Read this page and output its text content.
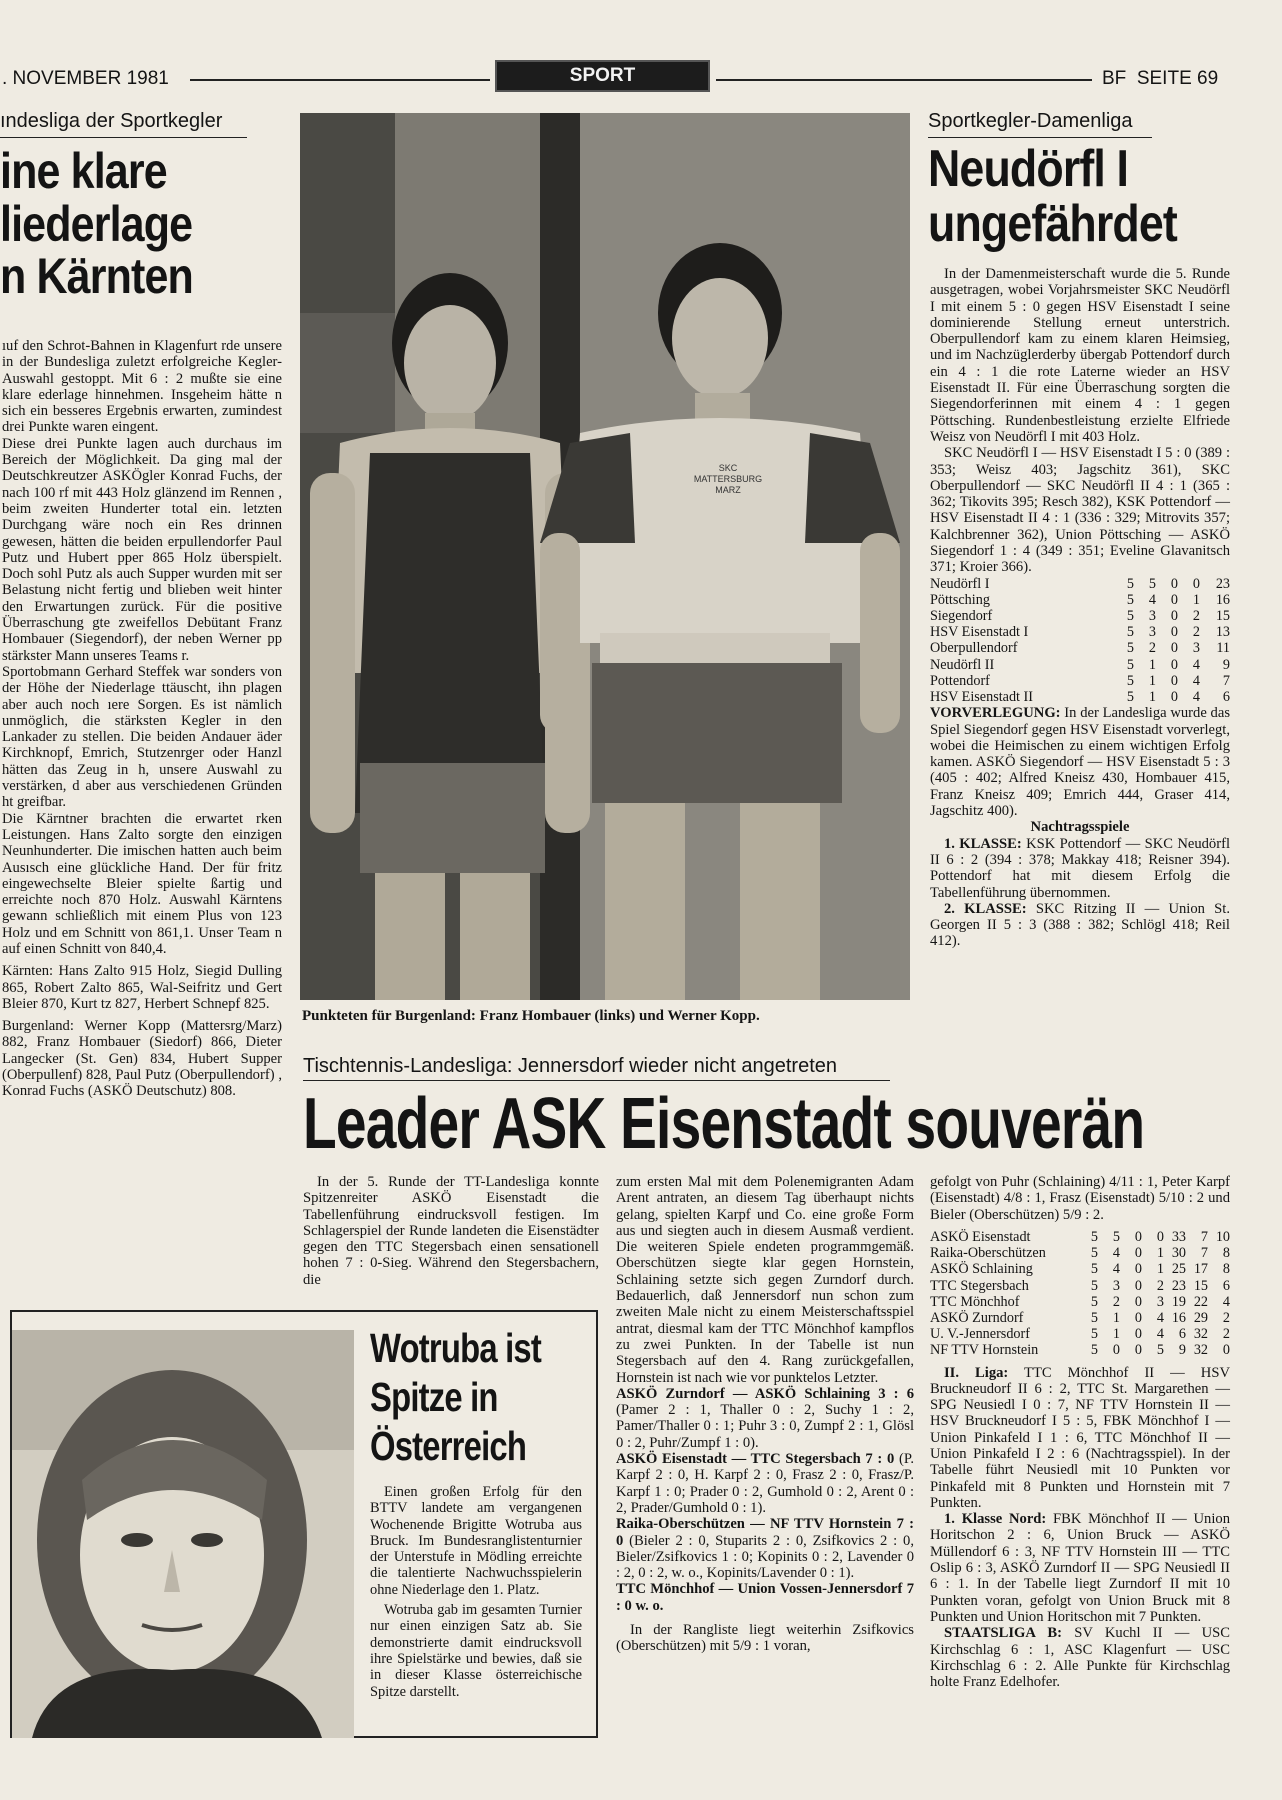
. NOVEMBER 1981	SPORT	BF  SEITE 69
ındesliga der Sportkegler
ine klare
liederlage
n Kärnten

ıuf den Schrot-Bahnen in Klagenfurt rde unsere in der Bundesliga zuletzt erfolgreiche Kegler-Auswahl gestoppt. Mit 6 : 2 mußte sie eine klare ederlage hinnehmen. Insgeheim hätte n sich ein besseres Ergebnis erwarten, zumindest drei Punkte waren eingent.

Diese drei Punkte lagen auch durchaus im Bereich der Möglichkeit. Da ging mal der Deutschkreutzer ASKÖgler Konrad Fuchs, der nach 100 rf mit 443 Holz glänzend im Rennen , beim zweiten Hunderter total ein. letzten Durchgang wäre noch ein Res drinnen gewesen, hätten die beiden erpullendorfer Paul Putz und Hubert pper 865 Holz überspielt. Doch sohl Putz als auch Supper wurden mit ser Belastung nicht fertig und blieben weit hinter den Erwartungen zurück. Für die positive Überraschung gte zweifellos Debütant Franz Hombauer (Siegendorf), der neben Werner pp stärkster Mann unseres Teams r.

Sportobmann Gerhard Steffek war sonders von der Höhe der Niederlage ttäuscht, ihn plagen aber auch noch ıere Sorgen. Es ist nämlich unmöglich, die stärksten Kegler in den Lankader zu stellen. Die beiden Andauer äder Kirchknopf, Emrich, Stutzenrger oder Hanzl hätten das Zeug in h, unsere Auswahl zu verstärken, d aber aus verschiedenen Gründen ht greifbar.

Die Kärntner brachten die erwartet rken Leistungen. Hans Zalto sorgte den einzigen Neunhunderter. Die imischen hatten auch beim Ausısch eine glückliche Hand. Der für fritz eingewechselte Bleier spielte ßartig und erreichte noch 870 Holz. Auswahl Kärntens gewann schließlich mit einem Plus von 123 Holz und em Schnitt von 861,1. Unser Team n auf einen Schnitt von 840,4.

Kärnten: Hans Zalto 915 Holz, Siegid Dulling 865, Robert Zalto 865, Wal-Seifritz und Gert Bleier 870, Kurt tz 827, Herbert Schnepf 825.

Burgenland: Werner Kopp (Mattersrg/Marz) 882, Franz Hombauer (Siedorf) 866, Dieter Langecker (St. Gen) 834, Hubert Supper (Oberpullenf) 828, Paul Putz (Oberpullendorf) , Konrad Fuchs (ASKÖ Deutschutz) 808.

SKC MATTERSBURG MARZ
Punkteten für Burgenland: Franz Hombauer (links) und Werner Kopp.
Sportkegler-Damenliga
Neudörfl I
ungefährdet

In der Damenmeisterschaft wurde die 5. Runde ausgetragen, wobei Vorjahrsmeister SKC Neudörfl I mit einem 5 : 0 gegen HSV Eisenstadt I seine dominierende Stellung erneut unterstrich. Oberpullendorf kam zu einem klaren Heimsieg, und im Nachzüglerderby übergab Pottendorf durch ein 4 : 1 die rote Laterne wieder an HSV Eisenstadt II. Für eine Überraschung sorgten die Siegendorferinnen mit einem 4 : 1 gegen Pöttsching. Rundenbestleistung erzielte Elfriede Weisz von Neudörfl I mit 403 Holz.

SKC Neudörfl I — HSV Eisenstadt I 5 : 0 (389 : 353; Weisz 403; Jagschitz 361), SKC Oberpullendorf — SKC Neudörfl II 4 : 1 (365 : 362; Tikovits 395; Resch 382), KSK Pottendorf — HSV Eisenstadt II 4 : 1 (336 : 329; Mitrovits 357; Kalchbrenner 362), Union Pöttsching — ASKÖ Siegendorf 1 : 4 (349 : 351; Eveline Glavanitsch 371; Kroier 366).

Neudörfl I	5	5	0	0	23
Pöttsching	5	4	0	1	16
Siegendorf	5	3	0	2	15
HSV Eisenstadt I	5	3	0	2	13
Oberpullendorf	5	2	0	3	11
Neudörfl II	5	1	0	4	9
Pottendorf	5	1	0	4	7
HSV Eisenstadt II	5	1	0	4	6

VORVERLEGUNG: In der Landesliga wurde das Spiel Siegendorf gegen HSV Eisenstadt vorverlegt, wobei die Heimischen zu einem wichtigen Erfolg kamen. ASKÖ Siegendorf — HSV Eisenstadt 5 : 3 (405 : 402; Alfred Kneisz 430, Hombauer 415, Franz Kneisz 409; Emrich 444, Graser 414, Jagschitz 400).

Nachtragsspiele

1. KLASSE: KSK Pottendorf — SKC Neudörfl II 6 : 2 (394 : 378; Makkay 418; Reisner 394). Pottendorf hat mit diesem Erfolg die Tabellenführung übernommen.

2. KLASSE: SKC Ritzing II — Union St. Georgen II 5 : 3 (388 : 382; Schlögl 418; Reil 412).

Tischtennis-Landesliga: Jennersdorf wieder nicht angetreten
Leader ASK Eisenstadt souverän

In der 5. Runde der TT-Landesliga konnte Spitzenreiter ASKÖ Eisenstadt die Tabellenführung eindrucksvoll festigen. Im Schlagerspiel der Runde landeten die Eisenstädter gegen den TTC Stegersbach einen sensationell hohen 7 : 0-Sieg. Während den Stegersbachern, die

zum ersten Mal mit dem Polenemigranten Adam Arent antraten, an diesem Tag überhaupt nichts gelang, spielten Karpf und Co. eine große Form aus und siegten auch in diesem Ausmaß verdient. Die weiteren Spiele endeten programmgemäß. Oberschützen siegte klar gegen Hornstein, Schlaining setzte sich gegen Zurndorf durch. Bedauerlich, daß Jennersdorf nun schon zum zweiten Male nicht zu einem Meisterschaftsspiel antrat, diesmal kam der TTC Mönchhof kampflos zu zwei Punkten. In der Tabelle ist nun Stegersbach auf den 4. Rang zurückgefallen, Hornstein ist nach wie vor punktelos Letzter.

ASKÖ Zurndorf — ASKÖ Schlaining 3 : 6 (Pamer 2 : 1, Thaller 0 : 2, Suchy 1 : 2, Pamer/Thaller 0 : 1; Puhr 3 : 0, Zumpf 2 : 1, Glösl 0 : 2, Puhr/Zumpf 1 : 0).

ASKÖ Eisenstadt — TTC Stegersbach 7 : 0 (P. Karpf 2 : 0, H. Karpf 2 : 0, Frasz 2 : 0, Frasz/P. Karpf 1 : 0; Prader 0 : 2, Gumhold 0 : 2, Arent 0 : 2, Prader/Gumhold 0 : 1).

Raika-Oberschützen — NF TTV Hornstein 7 : 0 (Bieler 2 : 0, Stuparits 2 : 0, Zsifkovics 2 : 0, Bieler/Zsifkovics 1 : 0; Kopinits 0 : 2, Lavender 0 : 2, 0 : 2, w. o., Kopinits/Lavender 0 : 1).

TTC Mönchhof — Union Vossen-Jennersdorf 7 : 0 w. o.

In der Rangliste liegt weiterhin Zsifkovics (Oberschützen) mit 5/9 : 1 voran,

gefolgt von Puhr (Schlaining) 4/11 : 1, Peter Karpf (Eisenstadt) 4/8 : 1, Frasz (Eisenstadt) 5/10 : 2 und Bieler (Oberschützen) 5/9 : 2.

ASKÖ Eisenstadt	5	5	0	0	33	7	10
Raika-Oberschützen	5	4	0	1	30	7	8
ASKÖ Schlaining	5	4	0	1	25	17	8
TTC Stegersbach	5	3	0	2	23	15	6
TTC Mönchhof	5	2	0	3	19	22	4
ASKÖ Zurndorf	5	1	0	4	16	29	2
U. V.-Jennersdorf	5	1	0	4	6	32	2
NF TTV Hornstein	5	0	0	5	9	32	0

II. Liga: TTC Mönchhof II — HSV Bruckneudorf II 6 : 2, TTC St. Margarethen — SPG Neusiedl I 0 : 7, NF TTV Hornstein II — HSV Bruckneudorf I 5 : 5, FBK Mönchhof I — Union Pinkafeld I 1 : 6, TTC Mönchhof II — Union Pinkafeld I 2 : 6 (Nachtragsspiel). In der Tabelle führt Neusiedl mit 10 Punkten vor Pinkafeld mit 8 Punkten und Hornstein mit 7 Punkten.

1. Klasse Nord: FBK Mönchhof II — Union Horitschon 2 : 6, Union Bruck — ASKÖ Müllendorf 6 : 3, NF TTV Hornstein III — TTC Oslip 6 : 3, ASKÖ Zurndorf II — SPG Neusiedl II 6 : 1. In der Tabelle liegt Zurndorf II mit 10 Punkten voran, gefolgt von Union Bruck mit 8 Punkten und Union Horitschon mit 7 Punkten.

STAATSLIGA B: SV Kuchl II — USC Kirchschlag 6 : 1, ASC Klagenfurt — USC Kirchschlag 6 : 2. Alle Punkte für Kirchschlag holte Franz Edelhofer.

Wotruba ist
Spitze in
Österreich

Einen großen Erfolg für den BTTV landete am vergangenen Wochenende Brigitte Wotruba aus Bruck. Im Bundesranglistenturnier der Unterstufe in Mödling erreichte die talentierte Nachwuchsspielerin ohne Niederlage den 1. Platz.

Wotruba gab im gesamten Turnier nur einen einzigen Satz ab. Sie demonstrierte damit eindrucksvoll ihre Spielstärke und bewies, daß sie in dieser Klasse österreichische Spitze darstellt.
